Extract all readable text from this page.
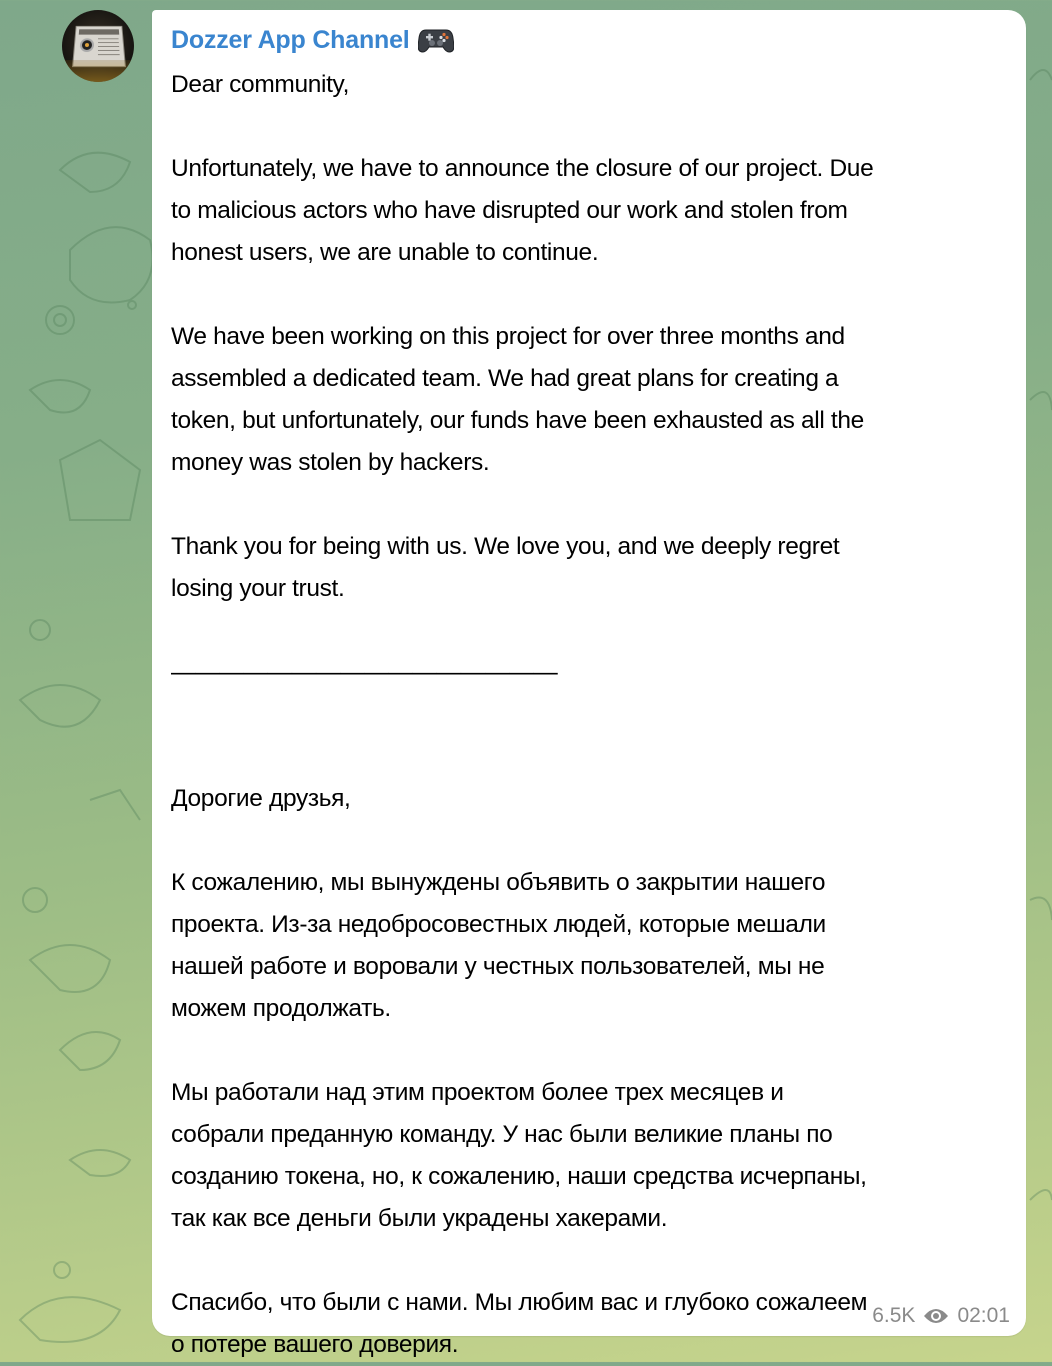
Dozzer App Channel

Dear community,

Unfortunately, we have to announce the closure of our project. Due
to malicious actors who have disrupted our work and stolen from
honest users, we are unable to continue.

We have been working on this project for over three months and
assembled a dedicated team. We had great plans for creating a
token, but unfortunately, our funds have been exhausted as all the
money was stolen by hackers.

Thank you for being with us. We love you, and we deeply regret
losing your trust.

————————————————

Дорогие друзья,

К сожалению, мы вынуждены объявить о закрытии нашего
проекта. Из-за недобросовестных людей, которые мешали
нашей работе и воровали у честных пользователей, мы не
можем продолжать.

Мы работали над этим проектом более трех месяцев и
собрали преданную команду. У нас были великие планы по
созданию токена, но, к сожалению, наши средства исчерпаны,
так как все деньги были украдены хакерами.

Спасибо, что были с нами. Мы любим вас и глубоко сожалеем
о потере вашего доверия.

6.5K 02:01
